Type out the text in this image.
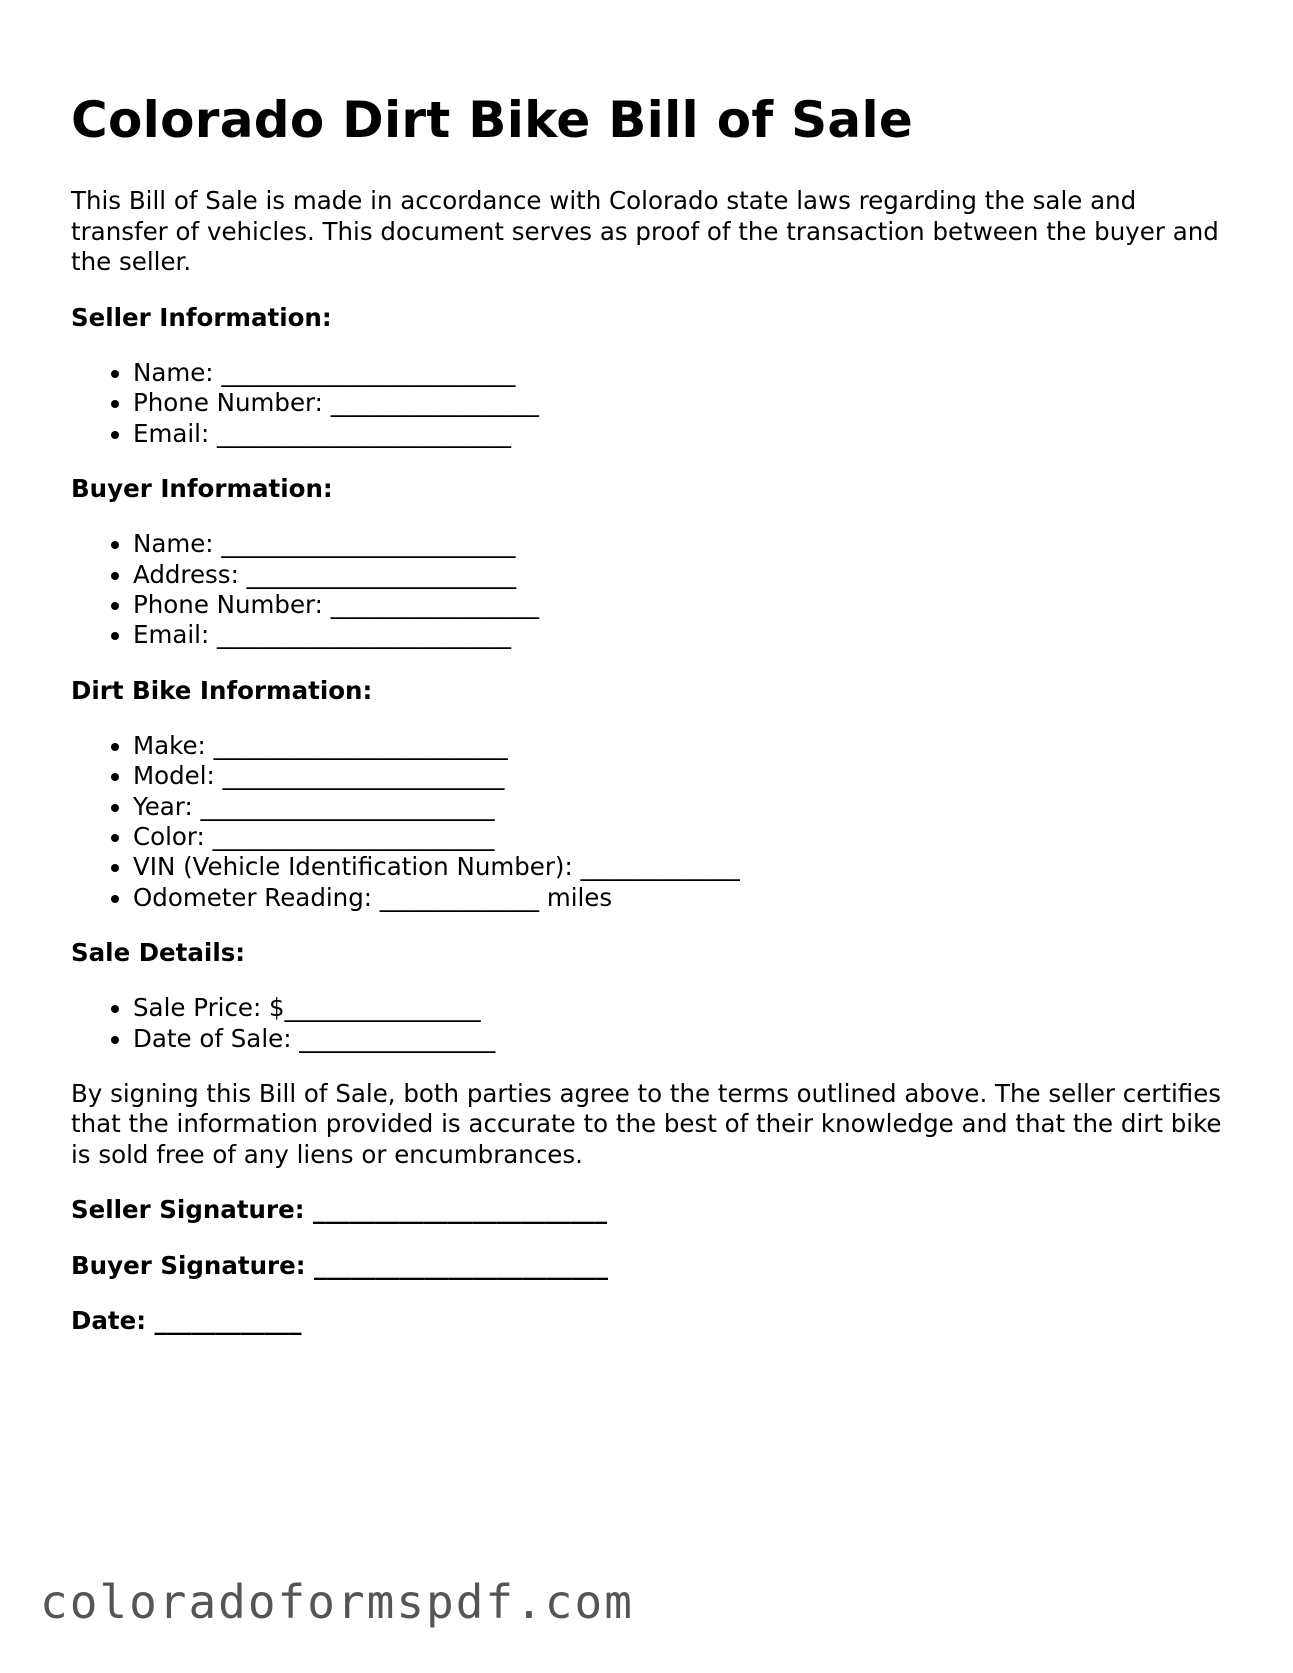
Colorado Dirt Bike Bill of Sale

This Bill of Sale is made in accordance with Colorado state laws regarding the sale and transfer of vehicles. This document serves as proof of the transaction between the buyer and the seller.

Seller Information:
• Name: ________________________
• Phone Number: _________________
• Email: ________________________
Buyer Information:
• Name: ________________________
• Address: ______________________
• Phone Number: _________________
• Email: ________________________
Dirt Bike Information:
• Make: ________________________
• Model: _______________________
• Year: ________________________
• Color: _______________________
• VIN (Vehicle Identification Number): _____________
• Odometer Reading: _____________ miles
Sale Details:
• Sale Price: $________________
• Date of Sale: ________________

By signing this Bill of Sale, both parties agree to the terms outlined above. The seller certifies that the information provided is accurate to the best of their knowledge and that the dirt bike is sold free of any liens or encumbrances.

Seller Signature: ________________________
Buyer Signature: ________________________
Date: ____________
coloradoformspdf.com
